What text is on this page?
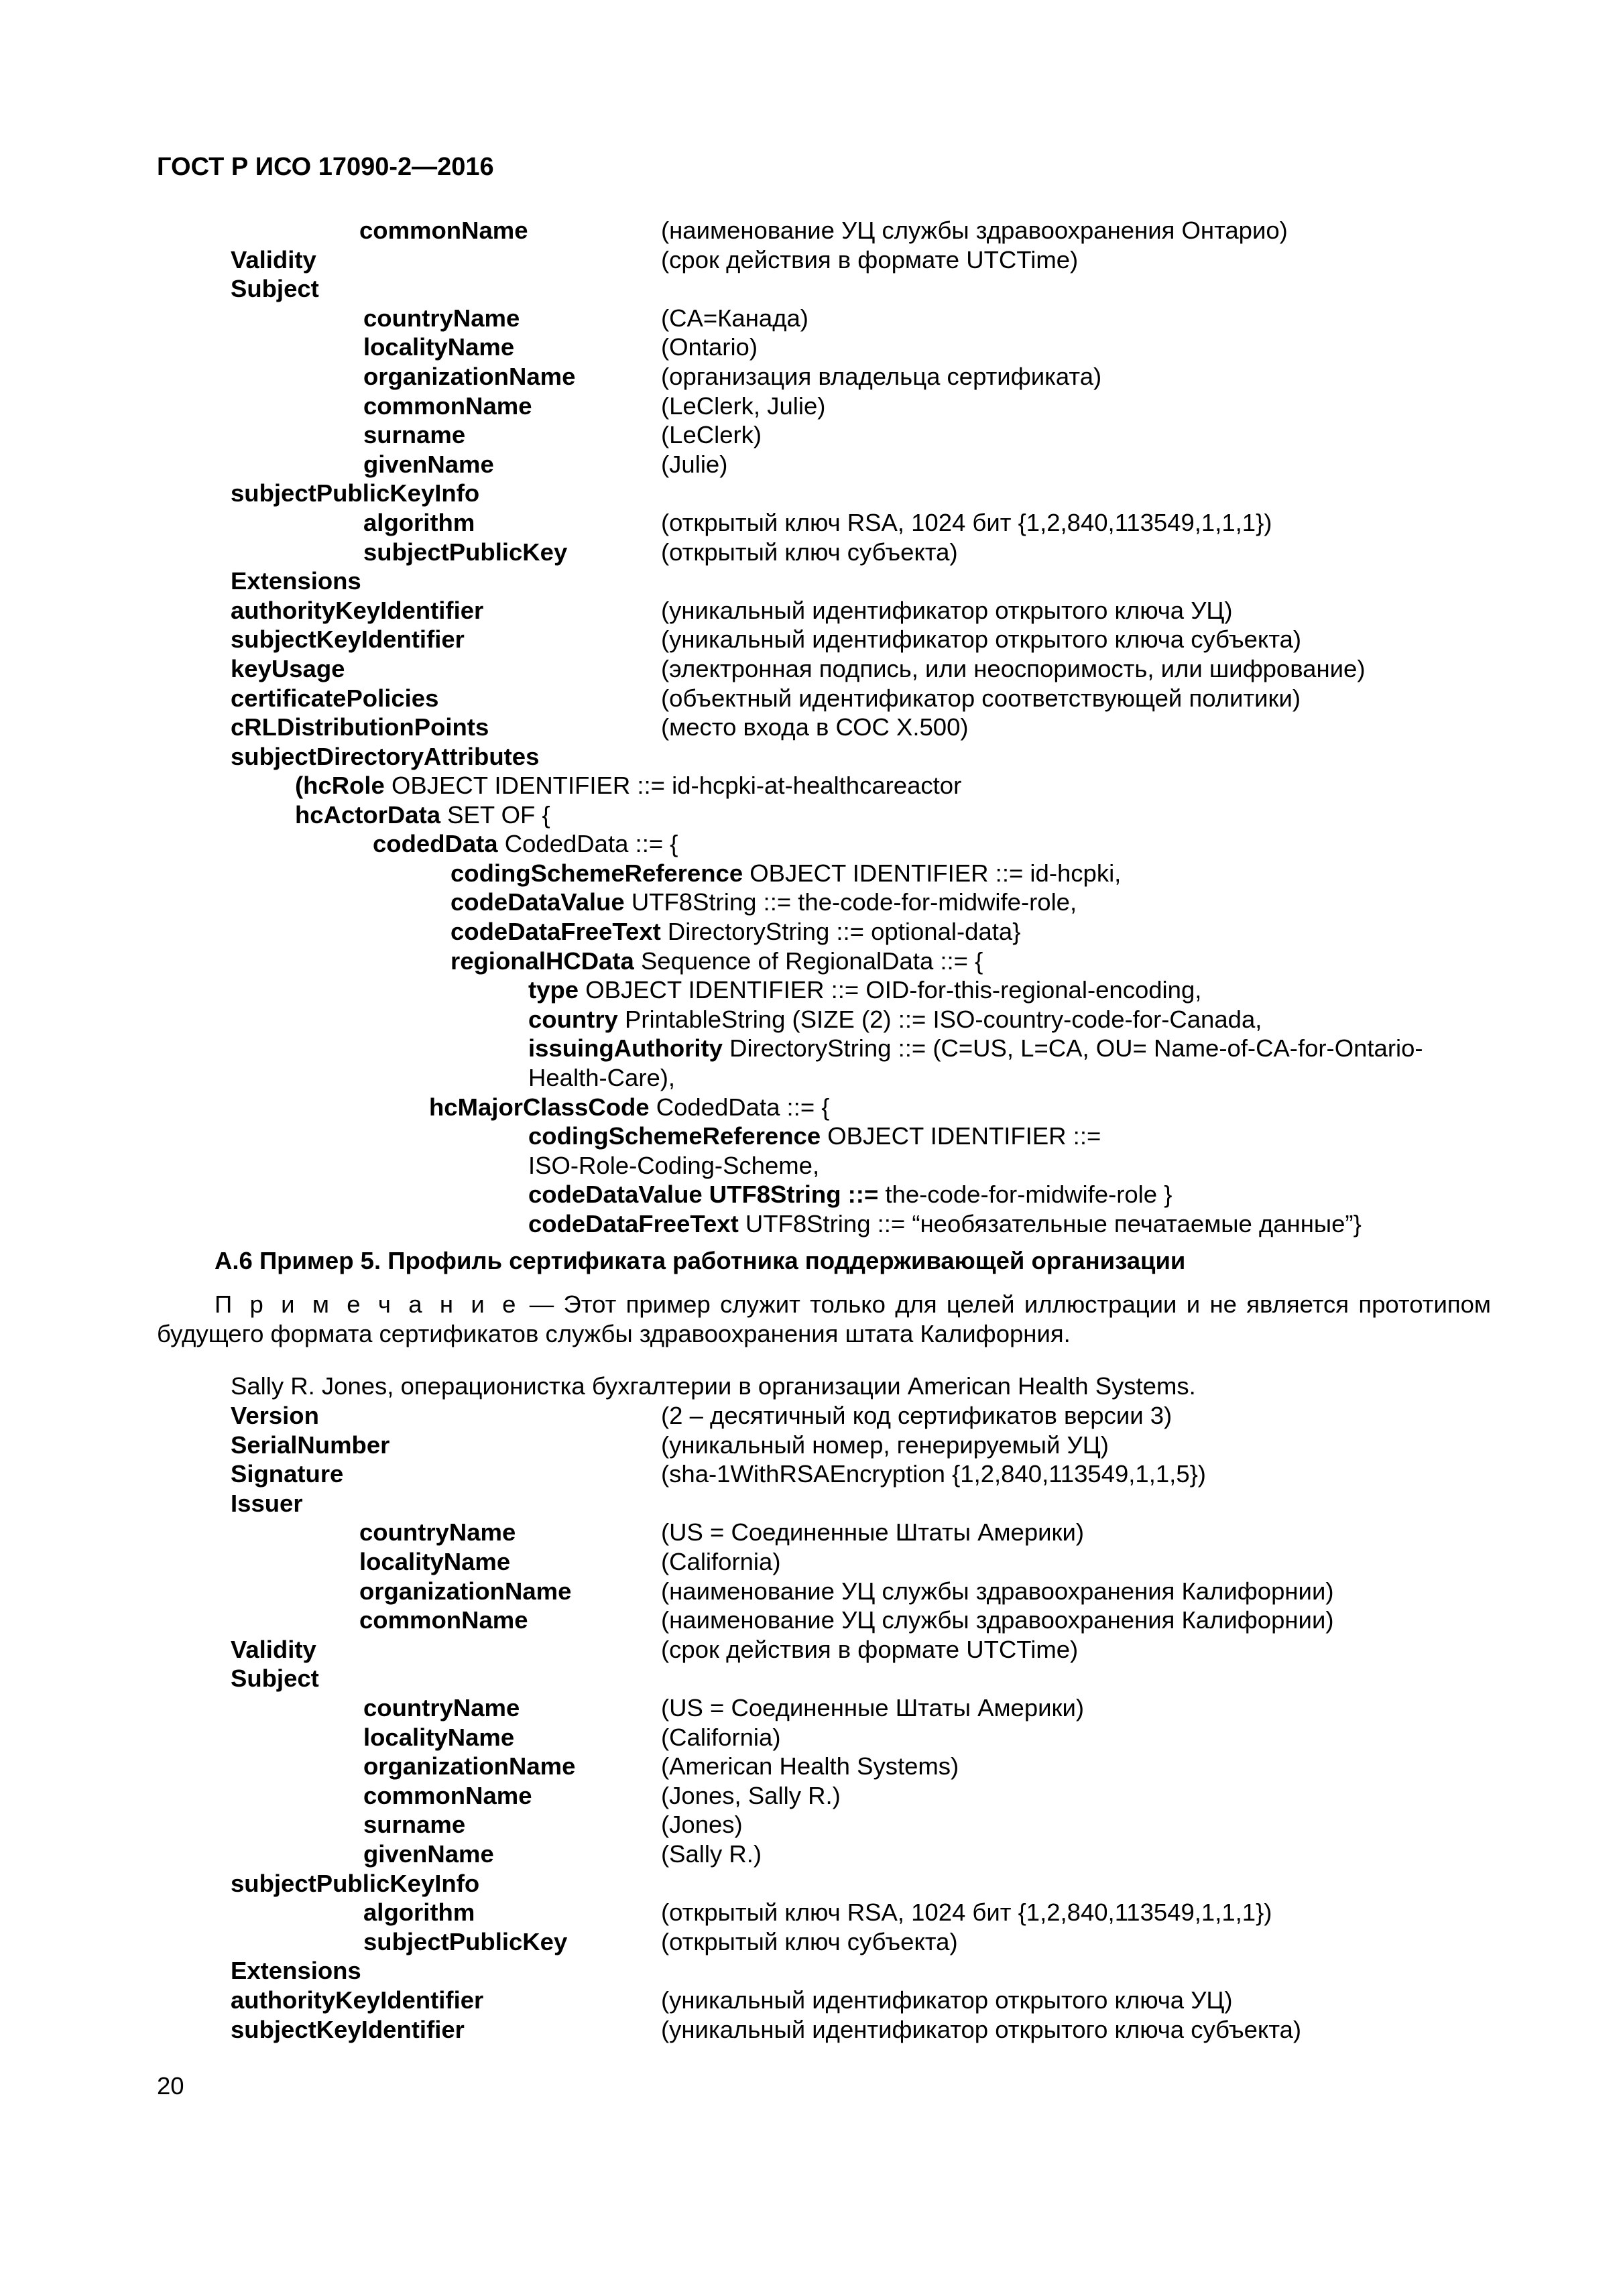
ГОСТ Р ИСО 17090-2—2016
commonName	(наименование УЦ службы здравоохранения Онтарио)
Validity	(срок действия в формате UTCTime)
Subject
countryName	(CA=Канада)
localityName	(Ontario)
organizationName	(организация владельца сертификата)
commonName	(LeClerk, Julie)
surname	(LeClerk)
givenName	(Julie)
subjectPublicKeyInfo
algorithm	(открытый ключ RSA, 1024 бит {1,2,840,113549,1,1,1})
subjectPublicKey	(открытый ключ субъекта)
Extensions
authorityKeyIdentifier	(уникальный идентификатор открытого ключа УЦ)
subjectKeyIdentifier	(уникальный идентификатор открытого ключа субъекта)
keyUsage	(электронная подпись, или неоспоримость, или шифрование)
certificatePolicies	(объектный идентификатор соответствующей политики)
cRLDistributionPoints	(место входа в СОС X.500)
subjectDirectoryAttributes
(hcRole OBJECT IDENTIFIER ::= id-hcpki-at-healthcareactor
hcActorData SET OF {
codedData CodedData ::= {
codingSchemeReference OBJECT IDENTIFIER ::= id-hcpki,
codeDataValue UTF8String ::= the-code-for-midwife-role,
codeDataFreeText DirectoryString ::= optional-data}
regionalHCData Sequence of RegionalData ::= {
type OBJECT IDENTIFIER ::= OID-for-this-regional-encoding,
country PrintableString (SIZE (2) ::= ISO-country-code-for-Canada,
issuingAuthority DirectoryString ::= (C=US, L=CA, OU= Name-of-CA-for-Ontario-
Health-Care),
hcMajorClassCode CodedData ::= {
codingSchemeReference OBJECT IDENTIFIER ::=
ISO-Role-Coding-Scheme,
codeDataValue UTF8String ::= the-code-for-midwife-role }
codeDataFreeText UTF8String ::= “необязательные печатаемые данные”}
А.6 Пример 5. Профиль сертификата работника поддерживающей организации
П р и м е ч а н и е — Этот пример служит только для целей иллюстрации и не является прототипом будущего формата сертификатов службы здравоохранения штата Калифорния.
Sally R. Jones, операционистка бухгалтерии в организации American Health Systems.
Version	(2 – десятичный код сертификатов версии 3)
SerialNumber	(уникальный номер, генерируемый УЦ)
Signature	(sha-1WithRSAEncryption {1,2,840,113549,1,1,5})
Issuer
countryName	(US = Соединенные Штаты Америки)
localityName	(California)
organizationName	(наименование УЦ службы здравоохранения Калифорнии)
commonName	(наименование УЦ службы здравоохранения Калифорнии)
Validity	(срок действия в формате UTCTime)
Subject
countryName	(US = Соединенные Штаты Америки)
localityName	(California)
organizationName	(American Health Systems)
commonName	(Jones, Sally R.)
surname	(Jones)
givenName	(Sally R.)
subjectPublicKeyInfo
algorithm	(открытый ключ RSA, 1024 бит {1,2,840,113549,1,1,1})
subjectPublicKey	(открытый ключ субъекта)
Extensions
authorityKeyIdentifier	(уникальный идентификатор открытого ключа УЦ)
subjectKeyIdentifier	(уникальный идентификатор открытого ключа субъекта)
20
